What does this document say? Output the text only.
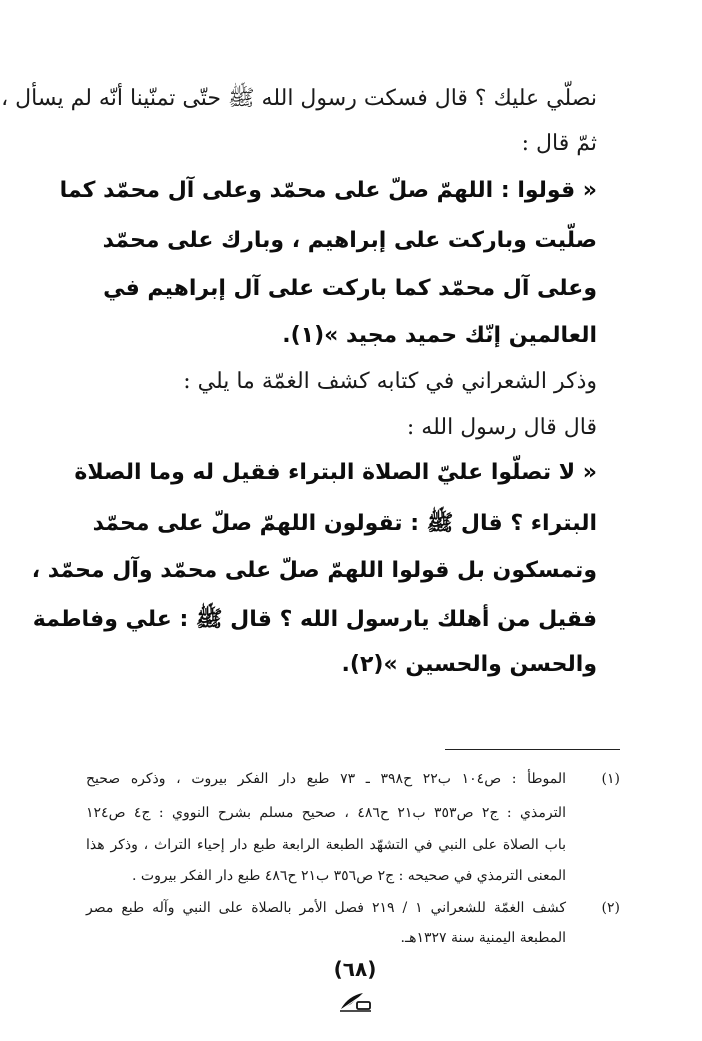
نصلّي عليك ؟ قال فسكت رسول الله ﷺ حتّى تمنّينا أنّه لم يسأل ،
ثمّ قال :
« قولوا : اللهمّ صلّ على محمّد وعلى آل محمّد كما
صلّيت وباركت على إبراهيم ، وبارك على محمّد
وعلى آل محمّد كما باركت على آل إبراهيم في
العالمين إنّك حميد مجيد »(١).
وذكر الشعراني في كتابه كشف الغمّة ما يلي :
قال قال رسول الله :
« لا تصلّوا عليّ الصلاة البتراء فقيل له وما الصلاة
البتراء ؟ قال ﷺ : تقولون اللهمّ صلّ على محمّد
وتمسكون بل قولوا اللهمّ صلّ على محمّد وآل محمّد ،
فقيل من أهلك يارسول الله ؟ قال ﷺ : علي وفاطمة
والحسن والحسين »(٢).
(١)
الموطأ : ص١٠٤ ب٢٢ ح٣٩٨ ـ ٧٣ طبع دار الفكر بيروت ، وذكره صحيح
الترمذي : ج٢ ص٣٥٣ ب٢١ ح٤٨٦ ، صحيح مسلم بشرح النووي : ج٤ ص١٢٤
باب الصلاة على النبي في التشهّد الطبعة الرابعة طبع دار إحياء التراث ، وذكر هذا
المعنى الترمذي في صحيحه : ج٢ ص٣٥٦ ب٢١ ح٤٨٦ طبع دار الفكر بيروت .
(٢)
كشف الغمّة للشعراني ١ / ٢١٩ فصل الأمر بالصلاة على النبي وآله طبع مصر
المطبعة اليمنية سنة ١٣٢٧هـ.
(٦٨)
